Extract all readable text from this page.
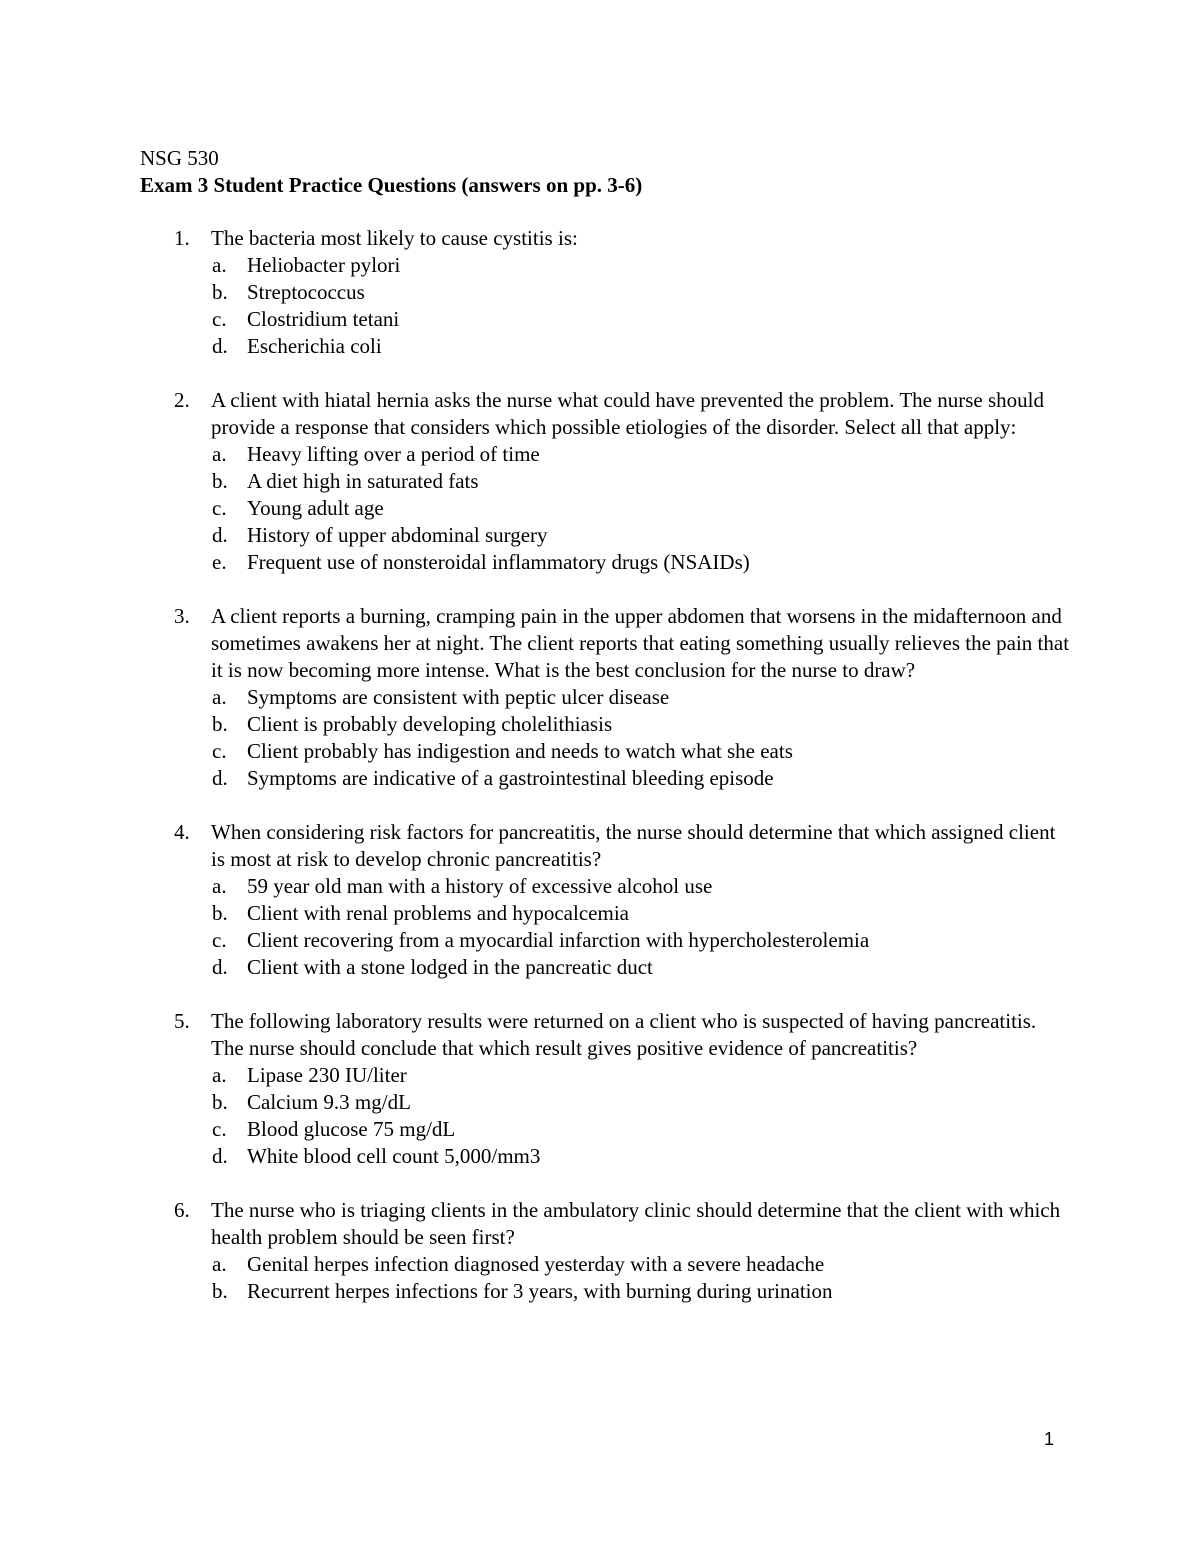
NSG 530
Exam 3 Student Practice Questions (answers on pp. 3-6)
1.	The bacteria most likely to cause cystitis is:
a. Heliobacter pylori
b. Streptococcus
c. Clostridium tetani
d. Escherichia coli
2.	A client with hiatal hernia asks the nurse what could have prevented the problem. The nurse should provide a response that considers which possible etiologies of the disorder. Select all that apply:
a. Heavy lifting over a period of time
b. A diet high in saturated fats
c. Young adult age
d. History of upper abdominal surgery
e. Frequent use of nonsteroidal inflammatory drugs (NSAIDs)
3.	A client reports a burning, cramping pain in the upper abdomen that worsens in the midafternoon and sometimes awakens her at night. The client reports that eating something usually relieves the pain that it is now becoming more intense. What is the best conclusion for the nurse to draw?
a. Symptoms are consistent with peptic ulcer disease
b. Client is probably developing cholelithiasis
c. Client probably has indigestion and needs to watch what she eats
d. Symptoms are indicative of a gastrointestinal bleeding episode
4.	When considering risk factors for pancreatitis, the nurse should determine that which assigned client is most at risk to develop chronic pancreatitis?
a. 59 year old man with a history of excessive alcohol use
b. Client with renal problems and hypocalcemia
c. Client recovering from a myocardial infarction with hypercholesterolemia
d. Client with a stone lodged in the pancreatic duct
5.	The following laboratory results were returned on a client who is suspected of having pancreatitis. The nurse should conclude that which result gives positive evidence of pancreatitis?
a. Lipase 230 IU/liter
b. Calcium 9.3 mg/dL
c. Blood glucose 75 mg/dL
d. White blood cell count 5,000/mm3
6.	The nurse who is triaging clients in the ambulatory clinic should determine that the client with which health problem should be seen first?
a. Genital herpes infection diagnosed yesterday with a severe headache
b. Recurrent herpes infections for 3 years, with burning during urination
1
